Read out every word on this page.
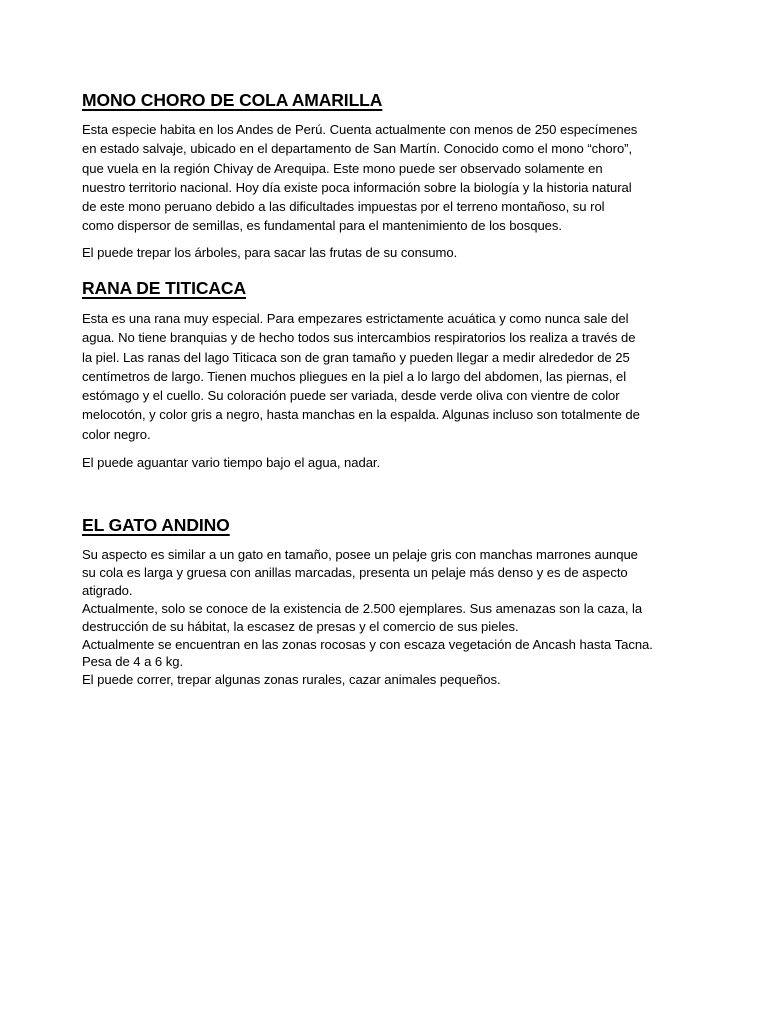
MONO CHORO DE COLA AMARILLA

Esta especie habita en los Andes de Perú. Cuenta actualmente con menos de 250 especímenes
en estado salvaje, ubicado en el departamento de San Martín. Conocido como el mono “choro”,
que vuela en la región Chivay de Arequipa. Este mono puede ser observado solamente en
nuestro territorio nacional. Hoy día existe poca información sobre la biología y la historia natural
de este mono peruano debido a las dificultades impuestas por el terreno montañoso, su rol
como dispersor de semillas, es fundamental para el mantenimiento de los bosques.

El puede trepar los árboles, para sacar las frutas de su consumo.

RANA DE TITICACA

Esta es una rana muy especial. Para empezares estrictamente acuática y como nunca sale del
agua. No tiene branquias y de hecho todos sus intercambios respiratorios los realiza a través de
la piel. Las ranas del lago Titicaca son de gran tamaño y pueden llegar a medir alrededor de 25
centímetros de largo. Tienen muchos pliegues en la piel a lo largo del abdomen, las piernas, el
estómago y el cuello. Su coloración puede ser variada, desde verde oliva con vientre de color
melocotón, y color gris a negro, hasta manchas en la espalda. Algunas incluso son totalmente de
color negro.

El puede aguantar vario tiempo bajo el agua, nadar.

EL GATO ANDINO

Su aspecto es similar a un gato en tamaño, posee un pelaje gris con manchas marrones aunque
su cola es larga y gruesa con anillas marcadas, presenta un pelaje más denso y es de aspecto
atigrado.
Actualmente, solo se conoce de la existencia de 2.500 ejemplares. Sus amenazas son la caza, la
destrucción de su hábitat, la escasez de presas y el comercio de sus pieles.
Actualmente se encuentran en las zonas rocosas y con escaza vegetación de Ancash hasta Tacna.
Pesa de 4 a 6 kg.
El puede correr, trepar algunas zonas rurales, cazar animales pequeños.
